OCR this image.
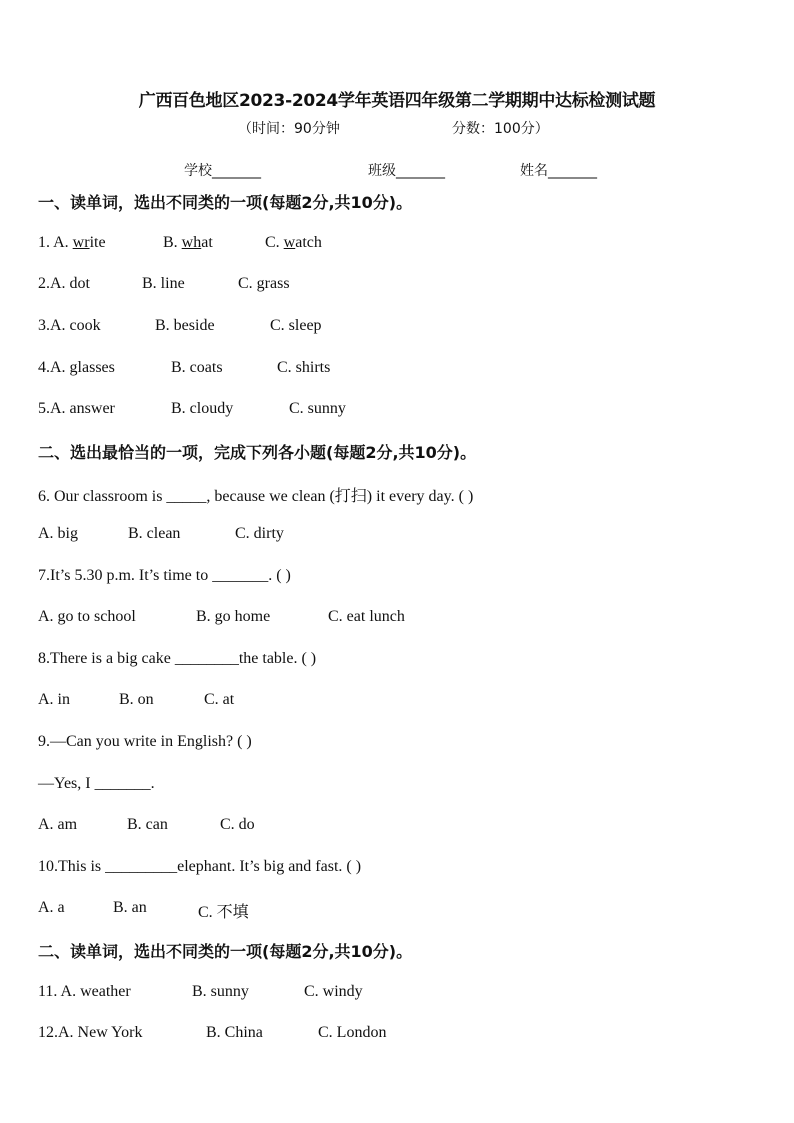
广西百色地区2023-2024学年英语四年级第二学期期中达标检测试题
（时间：90分钟	分数：100分）
学校_______	班级_______	姓名_______
一、读单词，选出不同类的一项(每题2分,共10分)。
1. A. write	B. what	C. watch
2.A. dot	B. line	C. grass
3.A. cook	B. beside	C. sleep
4.A. glasses	B. coats	C. shirts
5.A. answer	B. cloudy	C. sunny
二、选出最恰当的一项，完成下列各小题(每题2分,共10分)。
6. Our classroom is _____, because we clean (打扫) it every day. ( )
A. big	B. clean	C. dirty
7.It’s 5.30 p.m. It’s time to _______. ( )
A. go to school	B. go home	C. eat lunch
8.There is a big cake ________the table. ( )
A. in	B. on	C. at
9.—Can you write in English? ( )
—Yes, I _______.
A. am	B. can	C. do
10.This is _________elephant. It’s big and fast. ( )
A. a	B. an	C. 不填
二、读单词，选出不同类的一项(每题2分,共10分)。
11. A. weather	B. sunny	C. windy
12.A. New York	B. China	C. London
